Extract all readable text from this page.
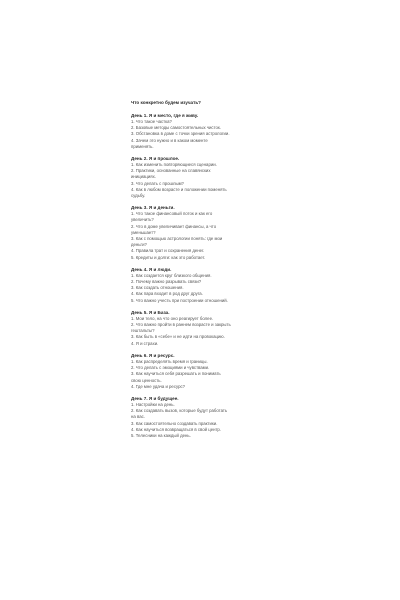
Что конкретно будем изучать?

День 1. Я и место, где я живу.

1. Что такое частка?
2. Базовые методы самостоятельных чисток.
3. Обстановка в доме с точки зрения астрологии.
4. Зачем это нужно и в каком моменте
применять.

День 2. Я и прошлое.

1. Как изменить повторяющиеся сценарии.
2. Практики, основанные на славянских
инициациях.
3. Что делать с прошлым?
4. Как в любом возрасте и положении поменять
судьбу.

День 3. Я и деньги.

1. Что такое финансовый поток и как его
увеличить?
2. Что в доме увеличивает финансы, а что
уменьшает?
3. Как с помощью астрологии понять: где мои
деньги?
4. Правила трат и сохранения денег.
5. Кредиты и долги: как это работает.

День 4. Я и люди.

1. Как создается круг близкого общения.
2. Почему важно разрывать связи?
3. Как создать отношения.
4. Как пара входит в род друг друга.
5. Что важно учесть при построении отношений.

День 5. Я и База.

1. Мои тело, на что оно реагирует более.
2. Что важно пройти в раннем возрасте и закрыть
гештальты?
3. Как быть в «себе» и не идти на провокацию.
4. Я и страхи.

День 6. Я и ресурс.

1. Как распределять время и границы.
2. Что делать с эмоциями и чувствами.
3. Как научиться себя разрешать и понимать
свою ценность.
4. Где мне удача и ресурс?

День 7. Я и будущее.

1. Настройки на день.
2. Как создавать вызов, которые будут работать
на вас.
3. Как самостоятельно создавать практики.
4. Как научиться возвращаться в свой центр.
5. Телесники на каждый день.
